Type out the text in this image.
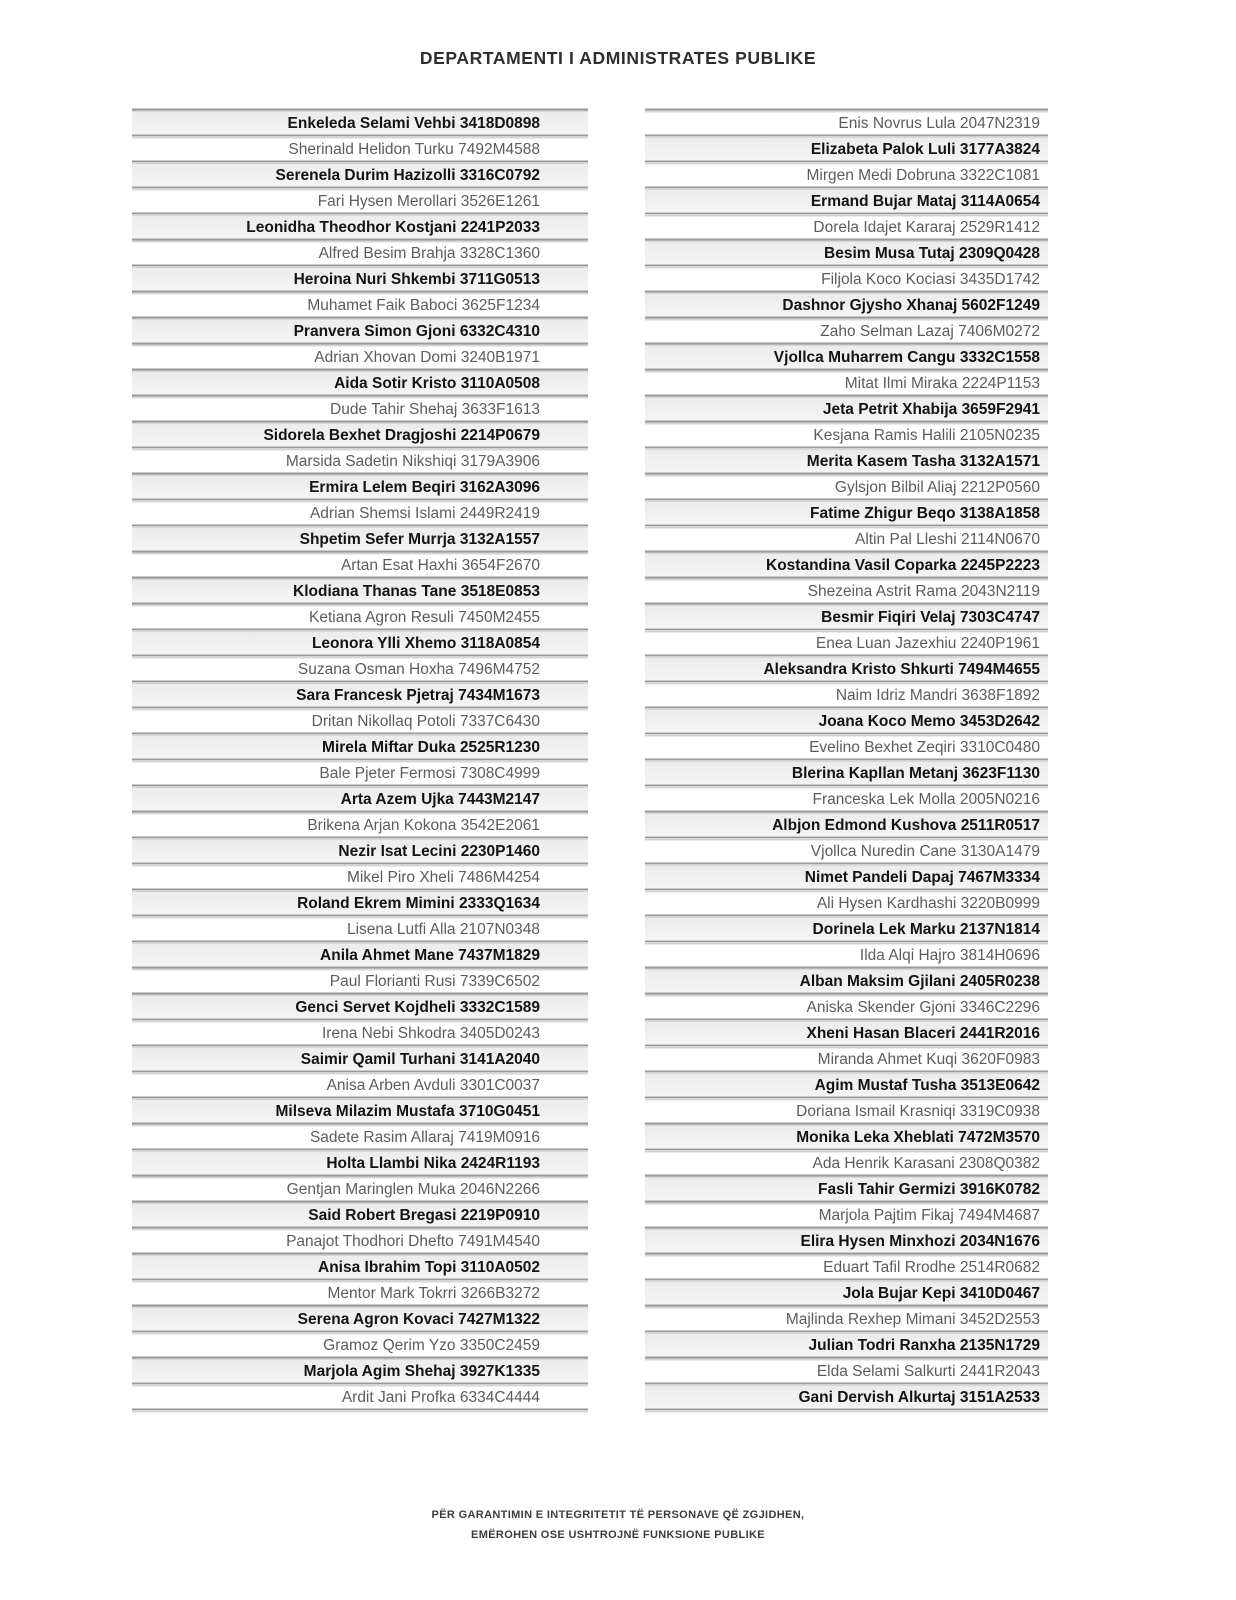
DEPARTAMENTI I ADMINISTRATES PUBLIKE
Enkeleda Selami Vehbi 3418D0898
Sherinald Helidon Turku 7492M4588
Serenela Durim Hazizolli 3316C0792
Fari Hysen Merollari 3526E1261
Leonidha Theodhor Kostjani 2241P2033
Alfred Besim Brahja 3328C1360
Heroina Nuri Shkembi 3711G0513
Muhamet Faik Baboci 3625F1234
Pranvera Simon Gjoni 6332C4310
Adrian Xhovan Domi 3240B1971
Aida Sotir Kristo 3110A0508
Dude Tahir Shehaj 3633F1613
Sidorela Bexhet Dragjoshi 2214P0679
Marsida Sadetin Nikshiqi 3179A3906
Ermira Lelem Beqiri 3162A3096
Adrian Shemsi Islami 2449R2419
Shpetim Sefer Murrja 3132A1557
Artan Esat Haxhi 3654F2670
Klodiana Thanas Tane 3518E0853
Ketiana Agron Resuli 7450M2455
Leonora Ylli Xhemo 3118A0854
Suzana Osman Hoxha 7496M4752
Sara Francesk Pjetraj 7434M1673
Dritan Nikollaq Potoli 7337C6430
Mirela Miftar Duka 2525R1230
Bale Pjeter Fermosi 7308C4999
Arta Azem Ujka 7443M2147
Brikena Arjan Kokona 3542E2061
Nezir Isat Lecini 2230P1460
Mikel Piro Xheli 7486M4254
Roland Ekrem Mimini 2333Q1634
Lisena Lutfi Alla 2107N0348
Anila Ahmet Mane 7437M1829
Paul Florianti Rusi 7339C6502
Genci Servet Kojdheli 3332C1589
Irena Nebi Shkodra 3405D0243
Saimir Qamil Turhani 3141A2040
Anisa Arben Avduli 3301C0037
Milseva Milazim Mustafa 3710G0451
Sadete Rasim Allaraj 7419M0916
Holta Llambi Nika 2424R1193
Gentjan Maringlen Muka 2046N2266
Said Robert Bregasi 2219P0910
Panajot Thodhori Dhefto 7491M4540
Anisa Ibrahim Topi 3110A0502
Mentor Mark Tokrri 3266B3272
Serena Agron Kovaci 7427M1322
Gramoz Qerim Yzo 3350C2459
Marjola Agim Shehaj 3927K1335
Ardit Jani Profka 6334C4444
Enis Novrus Lula 2047N2319
Elizabeta Palok Luli 3177A3824
Mirgen Medi Dobruna 3322C1081
Ermand Bujar Mataj 3114A0654
Dorela Idajet Kararaj 2529R1412
Besim Musa Tutaj 2309Q0428
Filjola Koco Kociasi 3435D1742
Dashnor Gjysho Xhanaj 5602F1249
Zaho Selman Lazaj 7406M0272
Vjollca Muharrem Cangu 3332C1558
Mitat Ilmi Miraka 2224P1153
Jeta Petrit Xhabija 3659F2941
Kesjana Ramis Halili 2105N0235
Merita Kasem Tasha 3132A1571
Gylsjon Bilbil Aliaj 2212P0560
Fatime Zhigur Beqo 3138A1858
Altin Pal Lleshi 2114N0670
Kostandina Vasil Coparka 2245P2223
Shezeina Astrit Rama 2043N2119
Besmir Fiqiri Velaj 7303C4747
Enea Luan Jazexhiu 2240P1961
Aleksandra Kristo Shkurti 7494M4655
Naim Idriz Mandri 3638F1892
Joana Koco Memo 3453D2642
Evelino Bexhet Zeqiri 3310C0480
Blerina Kapllan Metanj 3623F1130
Franceska Lek Molla 2005N0216
Albjon Edmond Kushova 2511R0517
Vjollca Nuredin Cane 3130A1479
Nimet Pandeli Dapaj 7467M3334
Ali Hysen Kardhashi 3220B0999
Dorinela Lek Marku 2137N1814
Ilda Alqi Hajro 3814H0696
Alban Maksim Gjilani 2405R0238
Aniska Skender Gjoni 3346C2296
Xheni Hasan Blaceri 2441R2016
Miranda Ahmet Kuqi 3620F0983
Agim Mustaf Tusha 3513E0642
Doriana Ismail Krasniqi 3319C0938
Monika Leka Xheblati 7472M3570
Ada Henrik Karasani 2308Q0382
Fasli Tahir Germizi 3916K0782
Marjola Pajtim Fikaj 7494M4687
Elira Hysen Minxhozi 2034N1676
Eduart Tafil Rrodhe 2514R0682
Jola Bujar Kepi 3410D0467
Majlinda Rexhep Mimani 3452D2553
Julian Todri Ranxha 2135N1729
Elda Selami Salkurti 2441R2043
Gani Dervish Alkurtaj 3151A2533
PËR GARANTIMIN E INTEGRITETIT TË PERSONAVE QË ZGJIDHEN,
EMËROHEN OSE USHTROJNË FUNKSIONE PUBLIKE
